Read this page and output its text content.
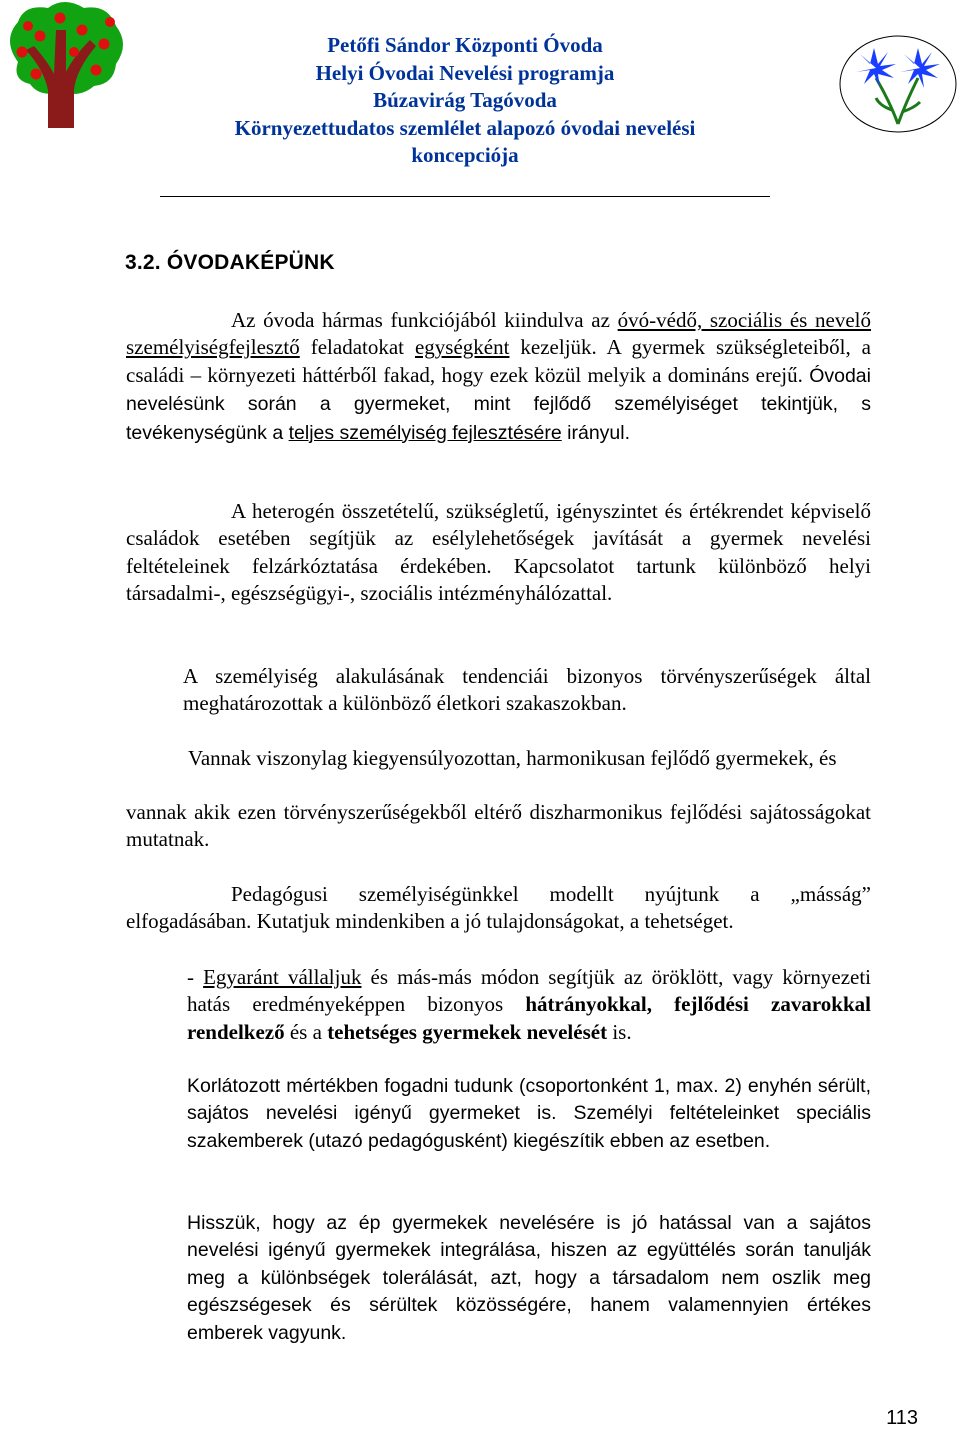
Petőfi Sándor Központi Óvoda
Helyi Óvodai Nevelési programja
Búzavirág Tagóvoda
Környezettudatos szemlélet alapozó óvodai nevelési
koncepciója
3.2. ÓVODAKÉPÜNK

Az óvoda hármas funkciójából kiindulva az óvó-védő, szociális és nevelő személyiségfejlesztő feladatokat egységként kezeljük. A gyermek szükségleteiből, a családi – környezeti háttérből fakad, hogy ezek közül melyik a domináns erejű. Óvodai nevelésünk során a gyermeket, mint fejlődő személyiséget tekintjük, s tevékenységünk a teljes személyiség fejlesztésére irányul.

A heterogén összetételű, szükségletű, igényszintet és értékrendet képviselő családok esetében segítjük az esélylehetőségek javítását a gyermek nevelési feltételeinek felzárkóztatása érdekében. Kapcsolatot tartunk különböző helyi társadalmi-, egészségügyi-, szociális intézményhálózattal.

A személyiség alakulásának tendenciái bizonyos törvényszerűségek által meghatározottak a különböző életkori szakaszokban.

Vannak viszonylag kiegyensúlyozottan, harmonikusan fejlődő gyermekek, és

vannak akik ezen törvényszerűségekből eltérő diszharmonikus fejlődési sajátosságokat mutatnak.

Pedagógusi személyiségünkkel modellt nyújtunk a „másság” elfogadásában. Kutatjuk mindenkiben a jó tulajdonságokat, a tehetséget.

- Egyaránt vállaljuk és más-más módon segítjük az öröklött, vagy környezeti hatás eredményeképpen bizonyos hátrányokkal, fejlődési zavarokkal rendelkező és a tehetséges gyermekek nevelését is.

Korlátozott mértékben fogadni tudunk (csoportonként 1, max. 2) enyhén sérült, sajátos nevelési igényű gyermeket is. Személyi feltételeinket speciális szakemberek (utazó pedagógusként) kiegészítik ebben az esetben.

Hisszük, hogy az ép gyermekek nevelésére is jó hatással van a sajátos nevelési igényű gyermekek integrálása, hiszen az együttélés során tanulják meg a különbségek tolerálását, azt, hogy a társadalom nem oszlik meg egészségesek és sérültek közösségére, hanem valamennyien értékes emberek vagyunk.

113
